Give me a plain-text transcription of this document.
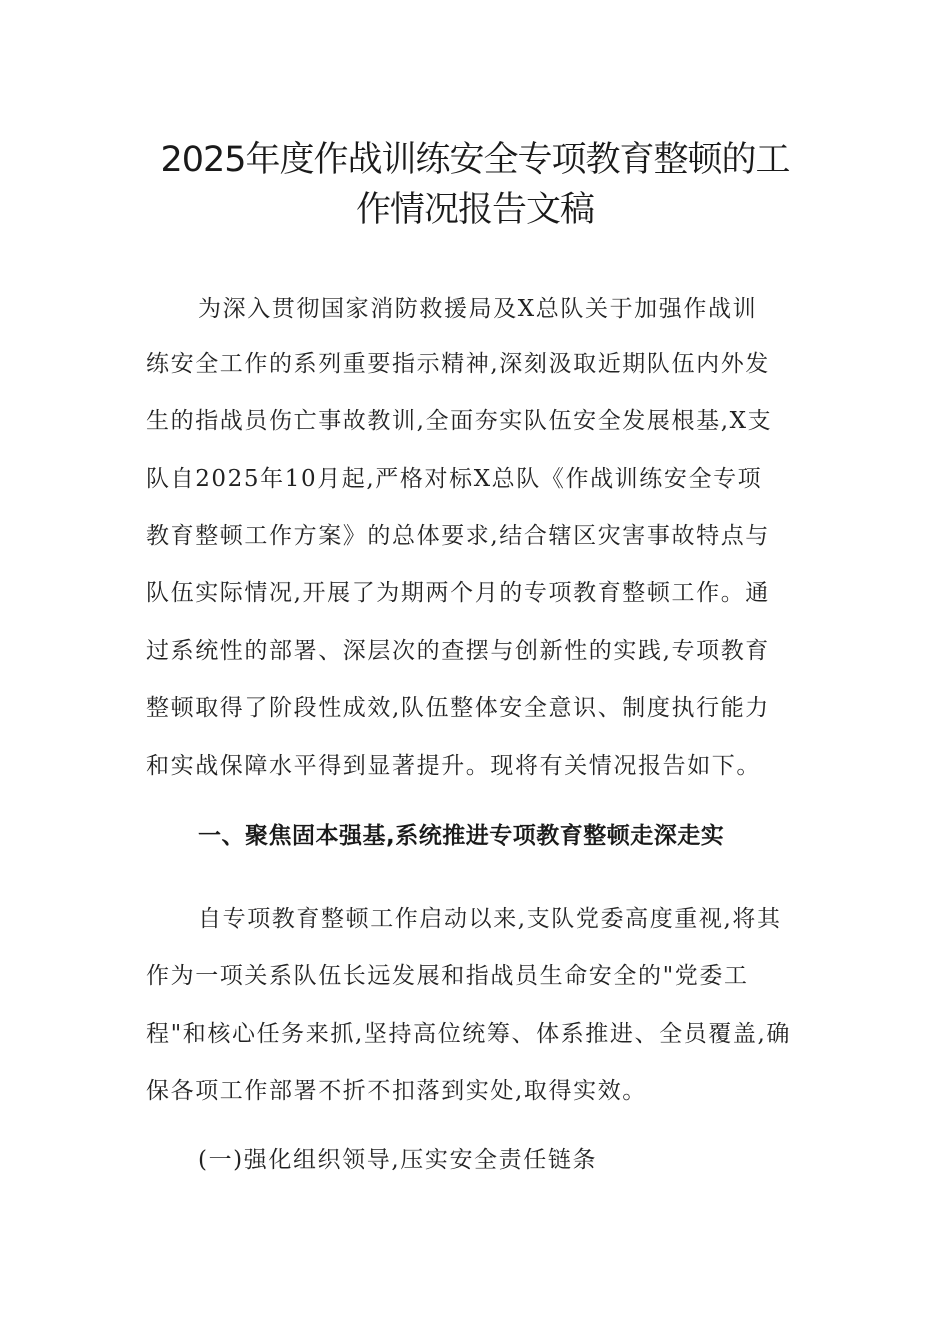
2025年度作战训练安全专项教育整顿的工
作情况报告文稿
为深入贯彻国家消防救援局及X总队关于加强作战训
练安全工作的系列重要指示精神,深刻汲取近期队伍内外发
生的指战员伤亡事故教训,全面夯实队伍安全发展根基,X支
队自2025年10月起,严格对标X总队《作战训练安全专项
教育整顿工作方案》的总体要求,结合辖区灾害事故特点与
队伍实际情况,开展了为期两个月的专项教育整顿工作。通
过系统性的部署、深层次的查摆与创新性的实践,专项教育
整顿取得了阶段性成效,队伍整体安全意识、制度执行能力
和实战保障水平得到显著提升。现将有关情况报告如下。
一、聚焦固本强基,系统推进专项教育整顿走深走实
自专项教育整顿工作启动以来,支队党委高度重视,将其
作为一项关系队伍长远发展和指战员生命安全的"党委工
程"和核心任务来抓,坚持高位统筹、体系推进、全员覆盖,确
保各项工作部署不折不扣落到实处,取得实效。
(一)强化组织领导,压实安全责任链条
